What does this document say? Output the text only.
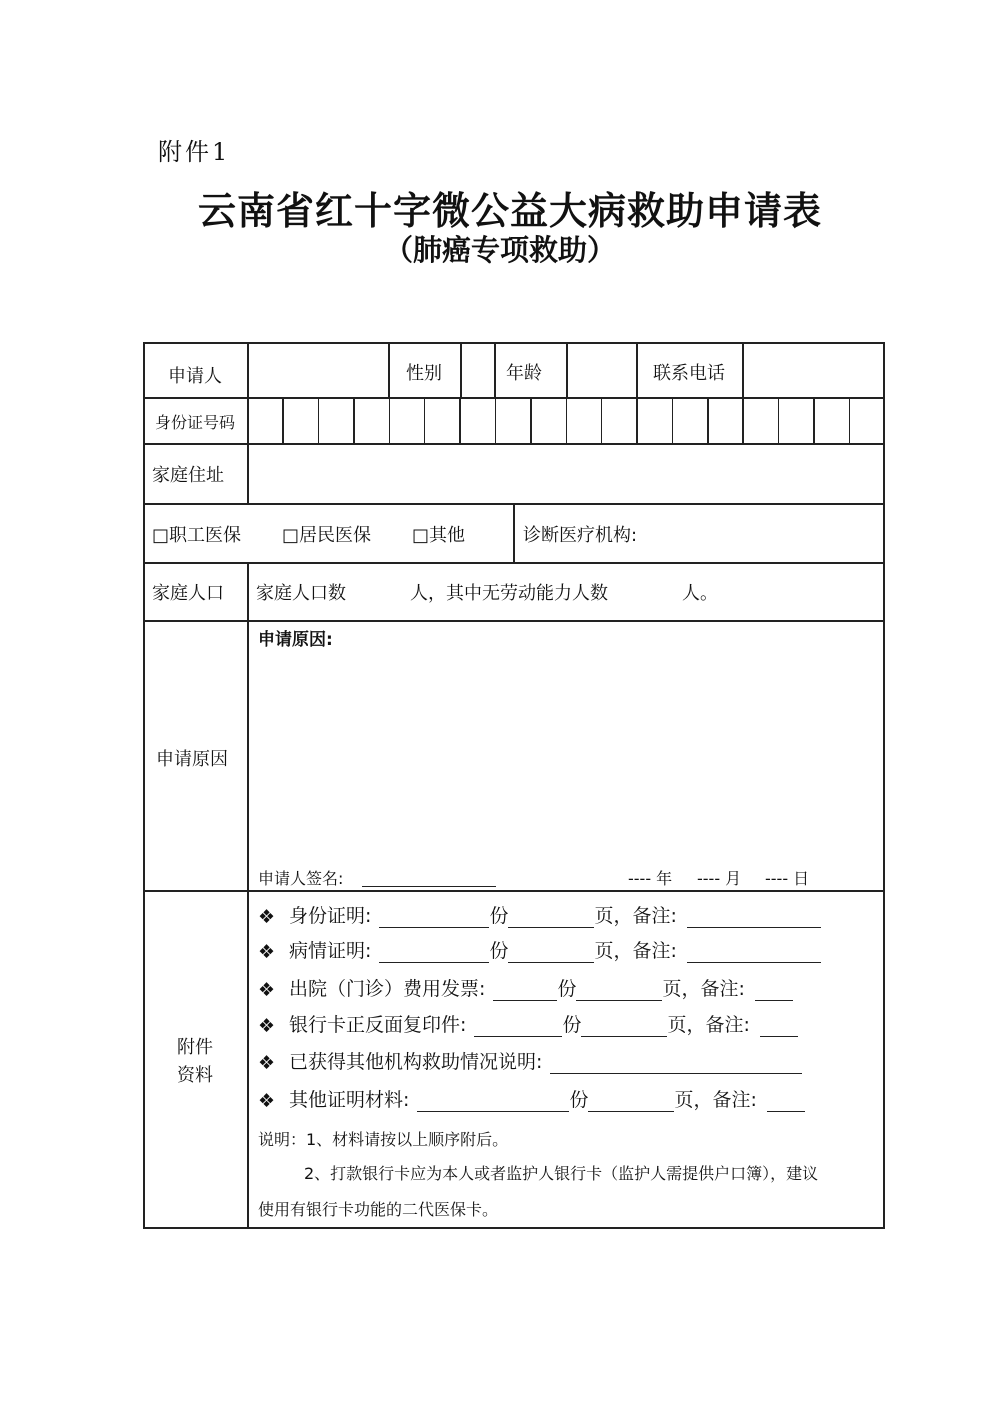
附件1
云南省红十字微公益大病救助申请表
（肺癌专项救助）
申请人	性别	年龄	联系电话
身份证号码
家庭住址
□职工医保 □居民医保 □其他	诊断医疗机构:
家庭人口 家庭人口数	人，其中无劳动能力人数	人。
申请原因
申请原因:
申请人签名:	---- 年 ---- 月 ---- 日
附件
资料
❖ 身份证明:	份	页，备注:
❖ 病情证明:	份	页，备注:
❖ 出院（门诊）费用发票:	份	页，备注:
❖ 银行卡正反面复印件:	份	页，备注:
❖ 已获得其他机构救助情况说明:
❖ 其他证明材料:	份	页，备注:
说明：1、材料请按以上顺序附后。
2、打款银行卡应为本人或者监护人银行卡（监护人需提供户口簿），建议
使用有银行卡功能的二代医保卡。
